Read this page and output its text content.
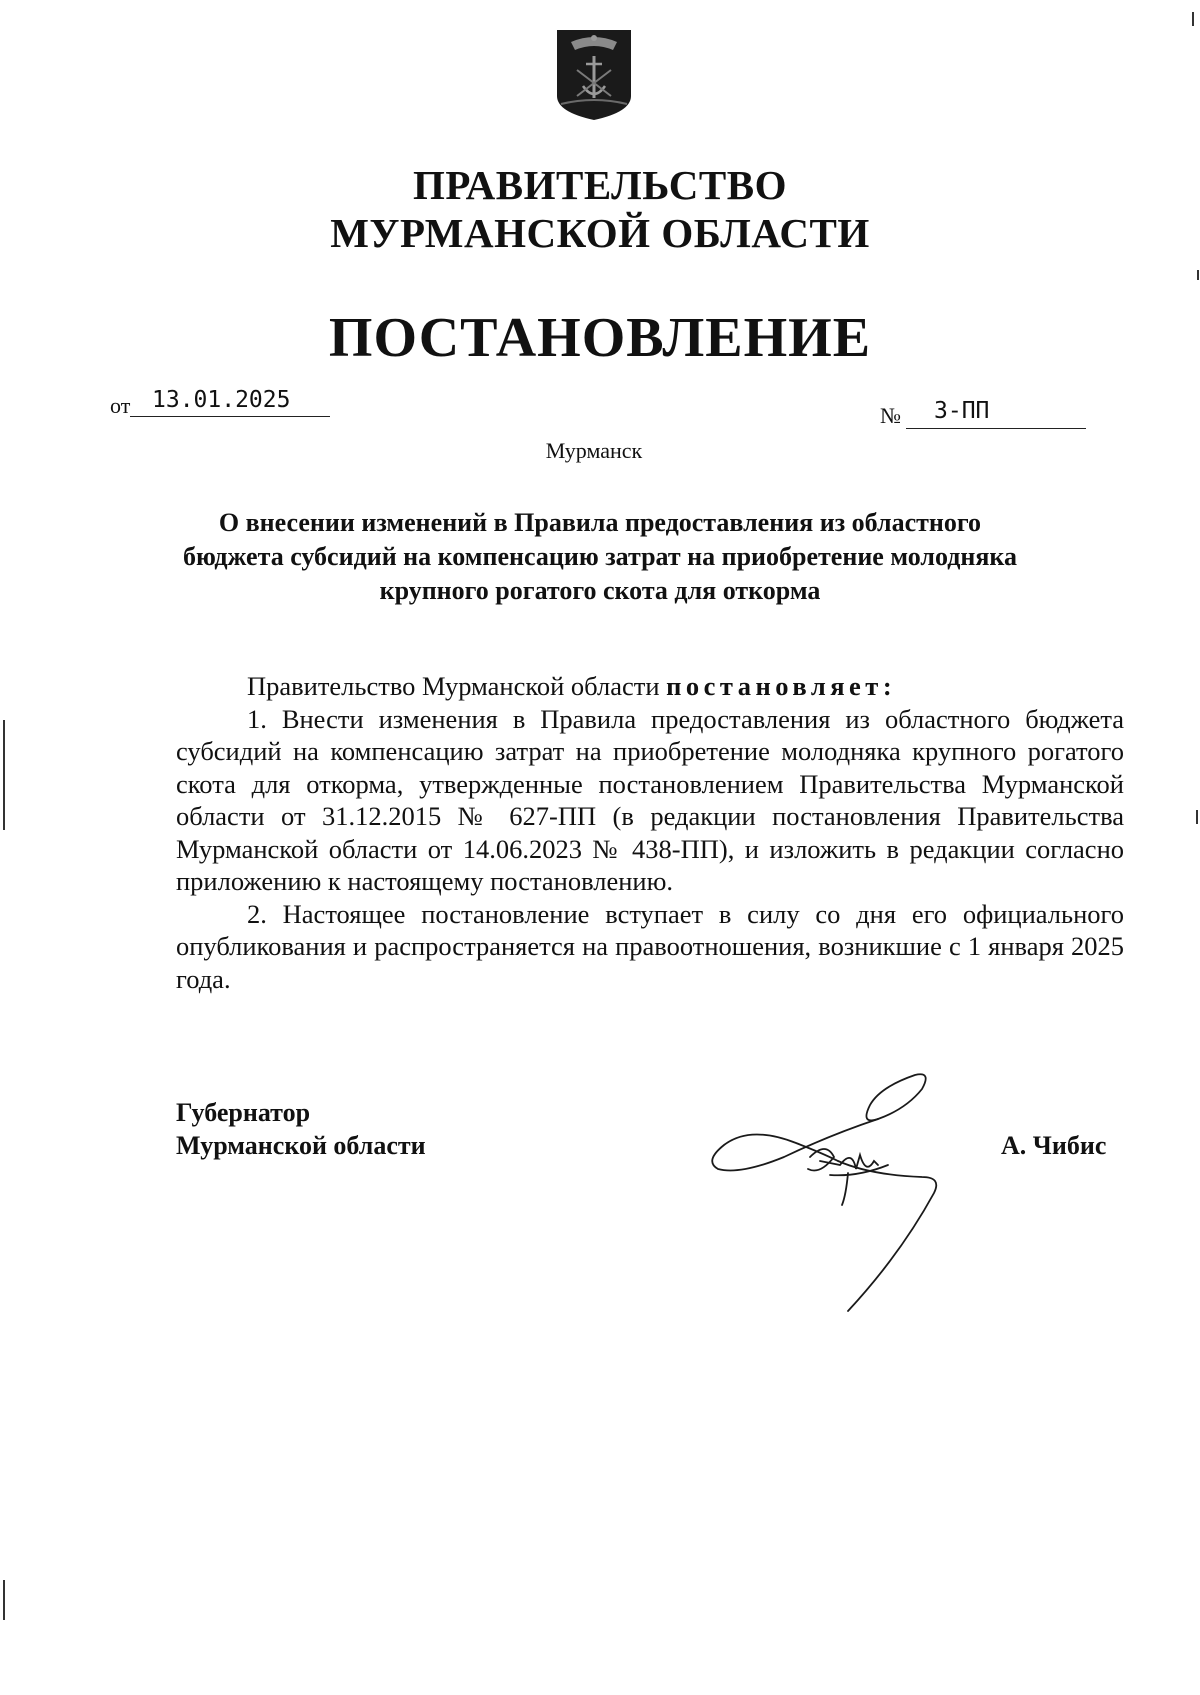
ПРАВИТЕЛЬСТВО
МУРМАНСКОЙ ОБЛАСТИ
ПОСТАНОВЛЕНИЕ
от 13.01.2025
№	3-ПП
Мурманск
О внесении изменений в Правила предоставления из областного
бюджета субсидий на компенсацию затрат на приобретение молодняка
крупного рогатого скота для откорма

Правительство Мурманской области постановляет:

1. Внести изменения в Правила предоставления из областного бюджета субсидий на компенсацию затрат на приобретение молодняка крупного рогатого скота для откорма, утвержденные постановлением Правительства Мурманской области от 31.12.2015 № 627-ПП (в редакции постановления Правительства Мурманской области от 14.06.2023 № 438-ПП), и изложить в редакции согласно приложению к настоящему постановлению.

2. Настоящее постановление вступает в силу со дня его официального опубликования и распространяется на правоотношения, возникшие с 1 января 2025 года.

Губернатор
Мурманской области	А. Чибис
